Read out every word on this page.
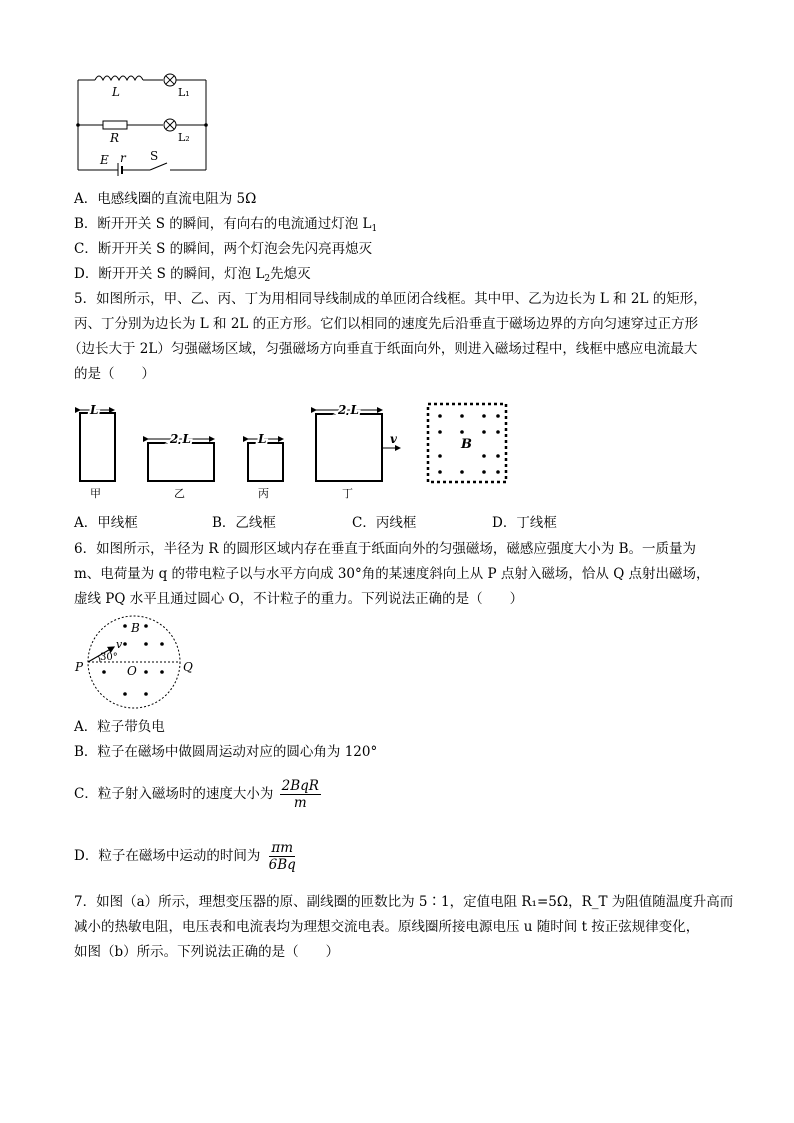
L	L₁
R	L₂
E r S
A．电感线圈的直流电阻为 5Ω
B．断开开关 S 的瞬间，有向右的电流通过灯泡 $L_1$
C．断开开关 S 的瞬间，两个灯泡会先闪亮再熄灭
D．断开开关 S 的瞬间，灯泡 $L_2$先熄灭
5．如图所示，甲、乙、丙、丁为用相同导线制成的单匝闭合线框。其中甲、乙为边长为 L 和 2L 的矩形，
丙、丁分别为边长为 L 和 2L 的正方形。它们以相同的速度先后沿垂直于磁场边界的方向匀速穿过正方形
（边长大于 2L）匀强磁场区域，匀强磁场方向垂直于纸面向外，则进入磁场过程中，线框中感应电流最大
的是（　　）
L
2 L	L
2 L
v	B
甲	乙	丙	丁
A．甲线框	B．乙线框	C．丙线框	D．丁线框
6．如图所示，半径为 R 的圆形区域内存在垂直于纸面向外的匀强磁场，磁感应强度大小为 B。一质量为
m、电荷量为 q 的带电粒子以与水平方向成 30°角的某速度斜向上从 P 点射入磁场，恰从 Q 点射出磁场，
虚线 PQ 水平且通过圆心 O，不计粒子的重力。下列说法正确的是（　　）
B
v
30°
P	O	Q
A．粒子带负电
B．粒子在磁场中做圆周运动对应的圆心角为 120°
C．粒子射入磁场时的速度大小为 $\frac{\text{2BqR}}{m}$
D．粒子在磁场中运动的时间为 $\frac{\pi m}{6Bq}$
7．如图（a）所示，理想变压器的原、副线圈的匝数比为 5∶1，定值电阻 R₁=5Ω，R_T 为阻值随温度升高而
减小的热敏电阻，电压表和电流表均为理想交流电表。原线圈所接电源电压 u 随时间 t 按正弦规律变化，
如图（b）所示。下列说法正确的是（　　）
